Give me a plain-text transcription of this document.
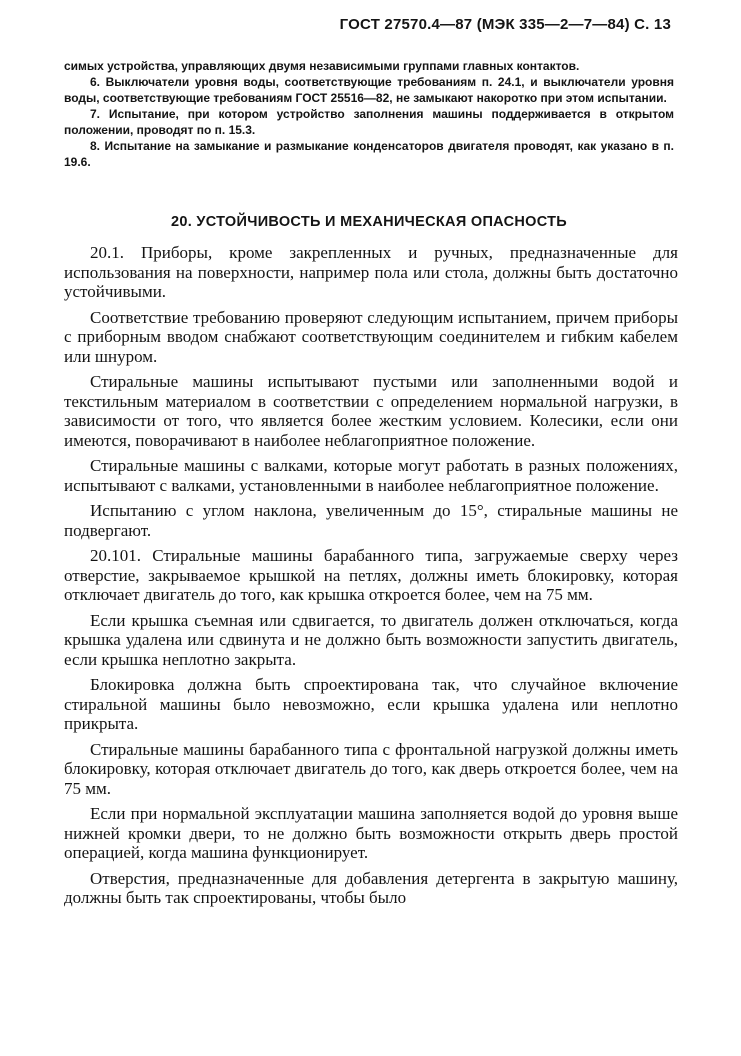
ГОСТ 27570.4—87 (МЭК 335—2—7—84) С. 13

симых устройства, управляющих двумя независимыми группами главных контактов.

6. Выключатели уровня воды, соответствующие требованиям п. 24.1, и выключатели уровня воды, соответствующие требованиям ГОСТ 25516—82, не замыкают накоротко при этом испытании.

7. Испытание, при котором устройство заполнения машины поддерживается в открытом положении, проводят по п. 15.3.

8. Испытание на замыкание и размыкание конденсаторов двигателя проводят, как указано в п. 19.6.

20. УСТОЙЧИВОСТЬ И МЕХАНИЧЕСКАЯ ОПАСНОСТЬ

20.1. Приборы, кроме закрепленных и ручных, предназначенные для использования на поверхности, например пола или стола, должны быть достаточно устойчивыми.

Соответствие требованию проверяют следующим испытанием, причем приборы с приборным вводом снабжают соответствующим соединителем и гибким кабелем или шнуром.

Стиральные машины испытывают пустыми или заполненными водой и текстильным материалом в соответствии с определением нормальной нагрузки, в зависимости от того, что является более жестким условием. Колесики, если они имеются, поворачивают в наиболее неблагоприятное положение.

Стиральные машины с валками, которые могут работать в разных положениях, испытывают с валками, установленными в наиболее неблагоприятное положение.

Испытанию с углом наклона, увеличенным до 15°, стиральные машины не подвергают.

20.101. Стиральные машины барабанного типа, загружаемые сверху через отверстие, закрываемое крышкой на петлях, должны иметь блокировку, которая отключает двигатель до того, как крышка откроется более, чем на 75 мм.

Если крышка съемная или сдвигается, то двигатель должен отключаться, когда крышка удалена или сдвинута и не должно быть возможности запустить двигатель, если крышка неплотно закрыта.

Блокировка должна быть спроектирована так, что случайное включение стиральной машины было невозможно, если крышка удалена или неплотно прикрыта.

Стиральные машины барабанного типа с фронтальной нагрузкой должны иметь блокировку, которая отключает двигатель до того, как дверь откроется более, чем на 75 мм.

Если при нормальной эксплуатации машина заполняется водой до уровня выше нижней кромки двери, то не должно быть возможности открыть дверь простой операцией, когда машина функционирует.

Отверстия, предназначенные для добавления детергента в закрытую машину, должны быть так спроектированы, чтобы было
